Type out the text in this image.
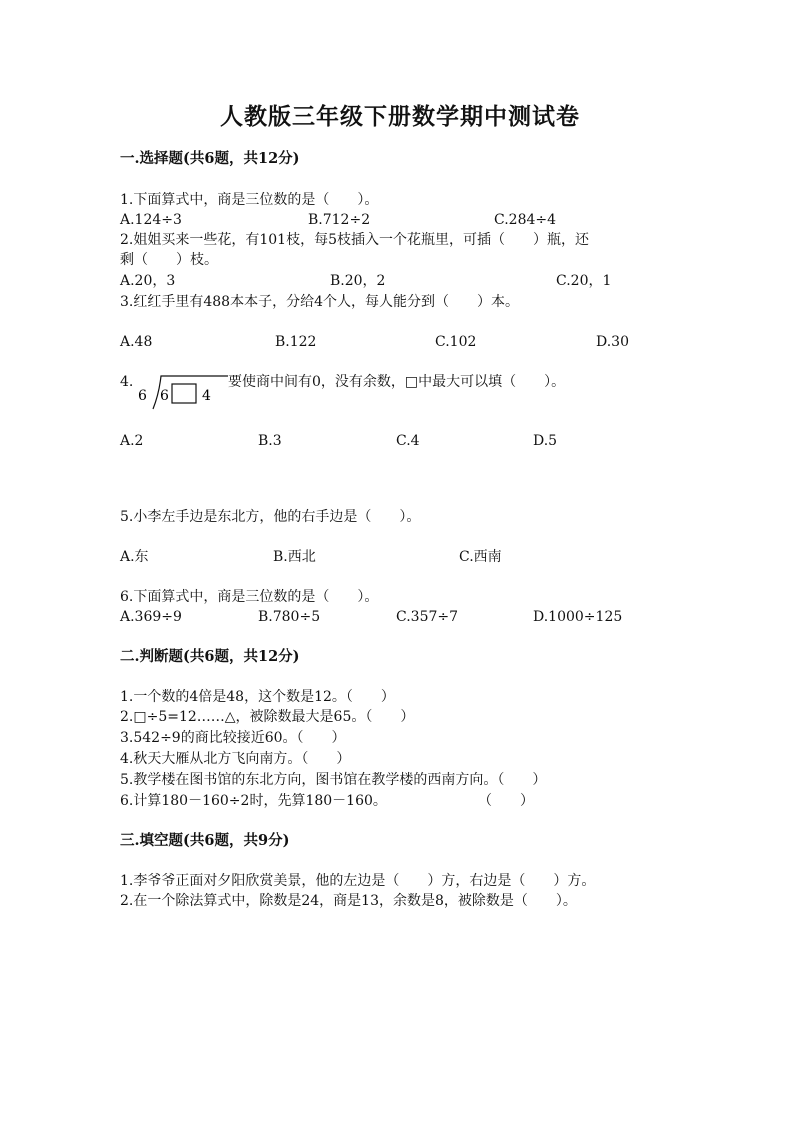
人教版三年级下册数学期中测试卷
一.选择题(共6题，共12分)
1.下面算式中，商是三位数的是（　　）。
A.124÷3	B.712÷2	C.284÷4
2.姐姐买来一些花，有101枝，每5枝插入一个花瓶里，可插（　　）瓶，还
剩（　　）枝。
A.20，3	B.20，2	C.20，1
3.红红手里有488本本子，分给4个人，每人能分到（　　）本。
A.48	B.122	C.102	D.30
4.
6 6 4
要使商中间有0，没有余数，□中最大可以填（　　）。
A.2	B.3	C.4	D.5
5.小李左手边是东北方，他的右手边是（　　）。
A.东	B.西北	C.西南
6.下面算式中，商是三位数的是（　　）。
A.369÷9	B.780÷5	C.357÷7	D.1000÷125
二.判断题(共6题，共12分)
1.一个数的4倍是48，这个数是12。（　　）
2.□÷5=12……△，被除数最大是65。（　　）
3.542÷9的商比较接近60。（　　）
4.秋天大雁从北方飞向南方。（　　）
5.教学楼在图书馆的东北方向，图书馆在教学楼的西南方向。（　　）
6.计算180－160÷2时，先算180－160。	（　　）
三.填空题(共6题，共9分)
1.李爷爷正面对夕阳欣赏美景，他的左边是（　　）方，右边是（　　）方。
2.在一个除法算式中，除数是24，商是13，余数是8，被除数是（　　）。
